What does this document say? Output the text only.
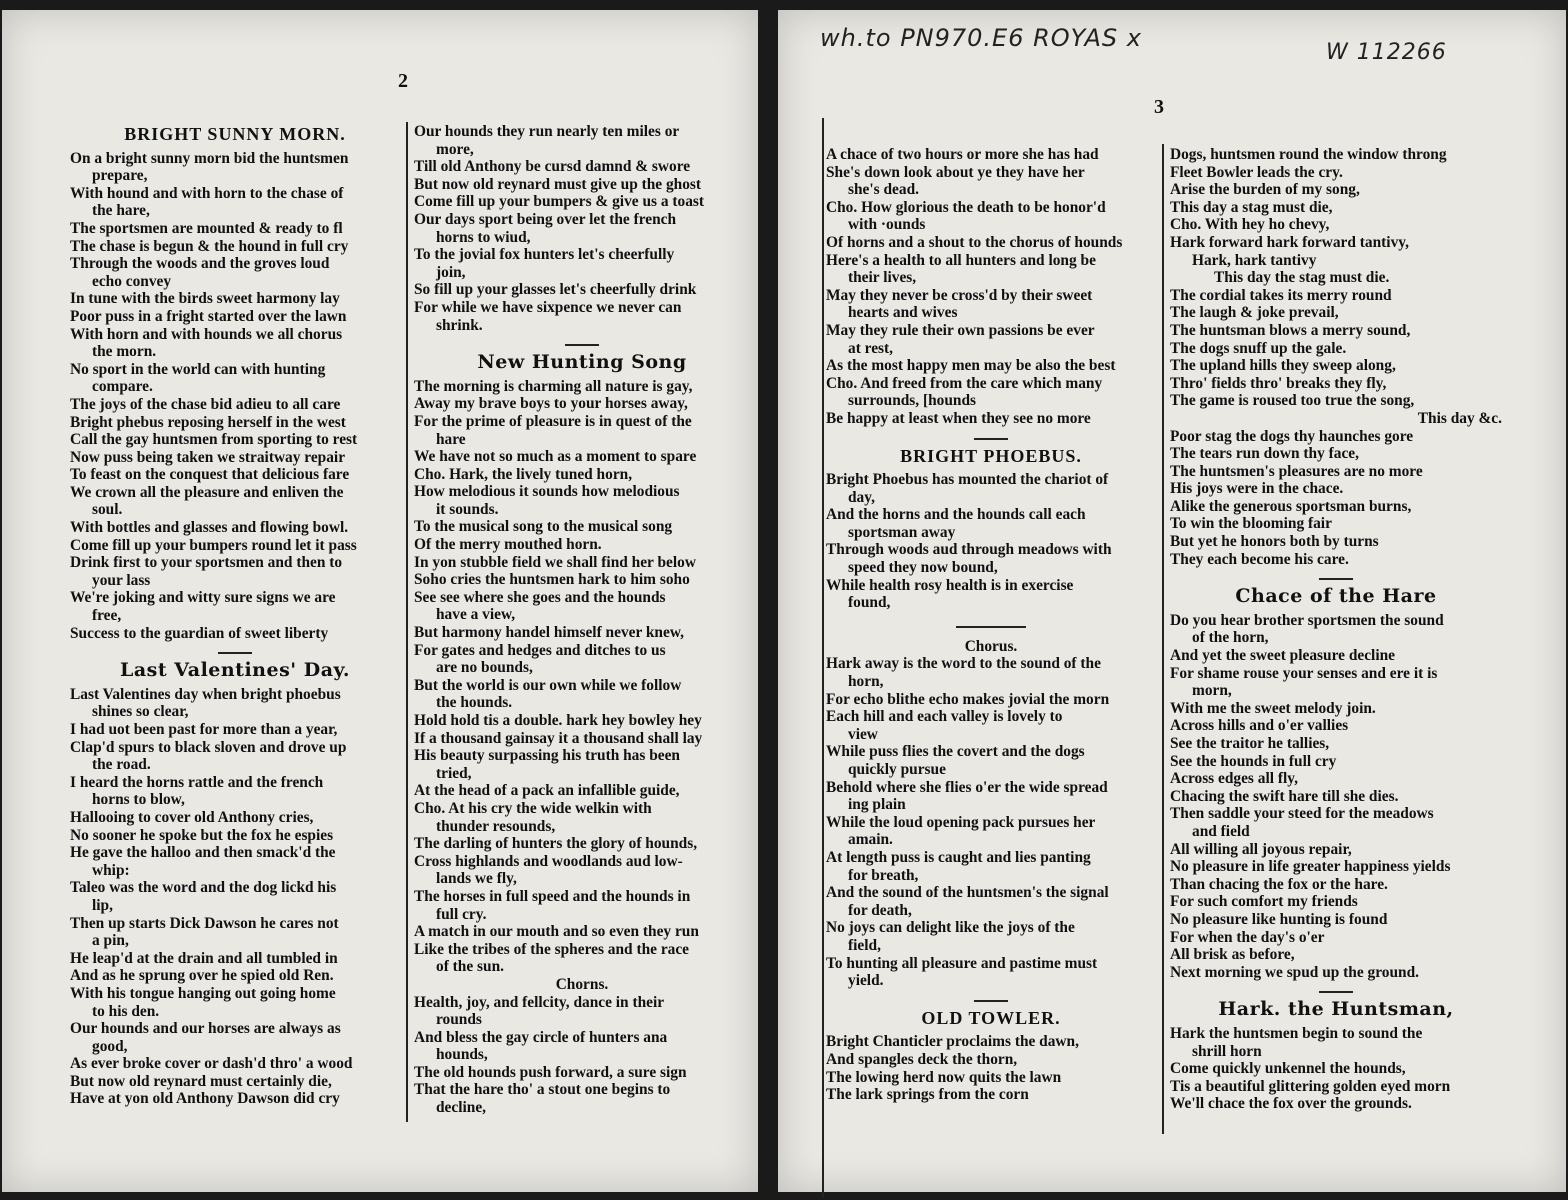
2
BRIGHT SUNNY MORN.
On a bright sunny morn bid the huntsmen
prepare,
With hound and with horn to the chase of
the hare,
The sportsmen are mounted & ready to fl
The chase is begun & the hound in full cry
Through the woods and the groves loud
echo convey
In tune with the birds sweet harmony lay
Poor puss in a fright started over the lawn
With horn and with hounds we all chorus
the morn.
No sport in the world can with hunting
compare.
The joys of the chase bid adieu to all care
Bright phebus reposing herself in the west
Call the gay huntsmen from sporting to rest
Now puss being taken we straitway repair
To feast on the conquest that delicious fare
We crown all the pleasure and enliven the
soul.
With bottles and glasses and flowing bowl.
Come fill up your bumpers round let it pass
Drink first to your sportsmen and then to
your lass
We're joking and witty sure signs we are
free,
Success to the guardian of sweet liberty
Last Valentines' Day.
Last Valentines day when bright phoebus
shines so clear,
I had uot been past for more than a year,
Clap'd spurs to black sloven and drove up
the road.
I heard the horns rattle and the french
horns to blow,
Hallooing to cover old Anthony cries,
No sooner he spoke but the fox he espies
He gave the halloo and then smack'd the
whip:
Taleo was the word and the dog lickd his
lip,
Then up starts Dick Dawson he cares not
a pin,
He leap'd at the drain and all tumbled in
And as he sprung over he spied old Ren.
With his tongue hanging out going home
to his den.
Our hounds and our horses are always as
good,
As ever broke cover or dash'd thro' a wood
But now old reynard must certainly die,
Have at yon old Anthony Dawson did cry
Our hounds they run nearly ten miles or
more,
Till old Anthony be cursd damnd & swore
But now old reynard must give up the ghost
Come fill up your bumpers & give us a toast
Our days sport being over let the french
horns to wiud,
To the jovial fox hunters let's cheerfully
join,
So fill up your glasses let's cheerfully drink
For while we have sixpence we never can
shrink.
New Hunting Song
The morning is charming all nature is gay,
Away my brave boys to your horses away,
For the prime of pleasure is in quest of the
hare
We have not so much as a moment to spare
Cho. Hark, the lively tuned horn,
How melodious it sounds how melodious
it sounds.
To the musical song to the musical song
Of the merry mouthed horn.
In yon stubble field we shall find her below
Soho cries the huntsmen hark to him soho
See see where she goes and the hounds
have a view,
But harmony handel himself never knew,
For gates and hedges and ditches to us
are no bounds,
But the world is our own while we follow
the hounds.
Hold hold tis a double. hark hey bowley hey
If a thousand gainsay it a thousand shall lay
His beauty surpassing his truth has been
tried,
At the head of a pack an infallible guide,
Cho. At his cry the wide welkin with
thunder resounds,
The darling of hunters the glory of hounds,
Cross highlands and woodlands aud low-
lands we fly,
The horses in full speed and the hounds in
full cry.
A match in our mouth and so even they run
Like the tribes of the spheres and the race
of the sun.
Chorns.
Health, joy, and fellcity, dance in their
rounds
And bless the gay circle of hunters ana
hounds,
The old hounds push forward, a sure sign
That the hare tho' a stout one begins to
decline,
wh.to PN970.E6 ROYAS x
W 112266
3
A chace of two hours or more she has had
She's down look about ye they have her
she's dead.
Cho. How glorious the death to be honor'd
with ·ounds
Of horns and a shout to the chorus of hounds
Here's a health to all hunters and long be
their lives,
May they never be cross'd by their sweet
hearts and wives
May they rule their own passions be ever
at rest,
As the most happy men may be also the best
Cho. And freed from the care which many
surrounds, [hounds
Be happy at least when they see no more
BRIGHT PHOEBUS.
Bright Phoebus has mounted the chariot of
day,
And the horns and the hounds call each
sportsman away
Through woods aud through meadows with
speed they now bound,
While health rosy health is in exercise
found,
Chorus.
Hark away is the word to the sound of the
horn,
For echo blithe echo makes jovial the morn
Each hill and each valley is lovely to
view
While puss flies the covert and the dogs
quickly pursue
Behold where she flies o'er the wide spread
ing plain
While the loud opening pack pursues her
amain.
At length puss is caught and lies panting
for breath,
And the sound of the huntsmen's the signal
for death,
No joys can delight like the joys of the
field,
To hunting all pleasure and pastime must
yield.
OLD TOWLER.
Bright Chanticler proclaims the dawn,
And spangles deck the thorn,
The lowing herd now quits the lawn
The lark springs from the corn
Dogs, huntsmen round the window throng
Fleet Bowler leads the cry.
Arise the burden of my song,
This day a stag must die,
Cho. With hey ho chevy,
Hark forward hark forward tantivy,
Hark, hark tantivy
This day the stag must die.
The cordial takes its merry round
The laugh & joke prevail,
The huntsman blows a merry sound,
The dogs snuff up the gale.
The upland hills they sweep along,
Thro' fields thro' breaks they fly,
The game is roused too true the song,
This day &c.
Poor stag the dogs thy haunches gore
The tears run down thy face,
The huntsmen's pleasures are no more
His joys were in the chace.
Alike the generous sportsman burns,
To win the blooming fair
But yet he honors both by turns
They each become his care.
Chace of the Hare
Do you hear brother sportsmen the sound
of the horn,
And yet the sweet pleasure decline
For shame rouse your senses and ere it is
morn,
With me the sweet melody join.
Across hills and o'er vallies
See the traitor he tallies,
See the hounds in full cry
Across edges all fly,
Chacing the swift hare till she dies.
Then saddle your steed for the meadows
and field
All willing all joyous repair,
No pleasure in life greater happiness yields
Than chacing the fox or the hare.
For such comfort my friends
No pleasure like hunting is found
For when the day's o'er
All brisk as before,
Next morning we spud up the ground.
Hark. the Huntsman,
Hark the huntsmen begin to sound the
shrill horn
Come quickly unkennel the hounds,
Tis a beautiful glittering golden eyed morn
We'll chace the fox over the grounds.
